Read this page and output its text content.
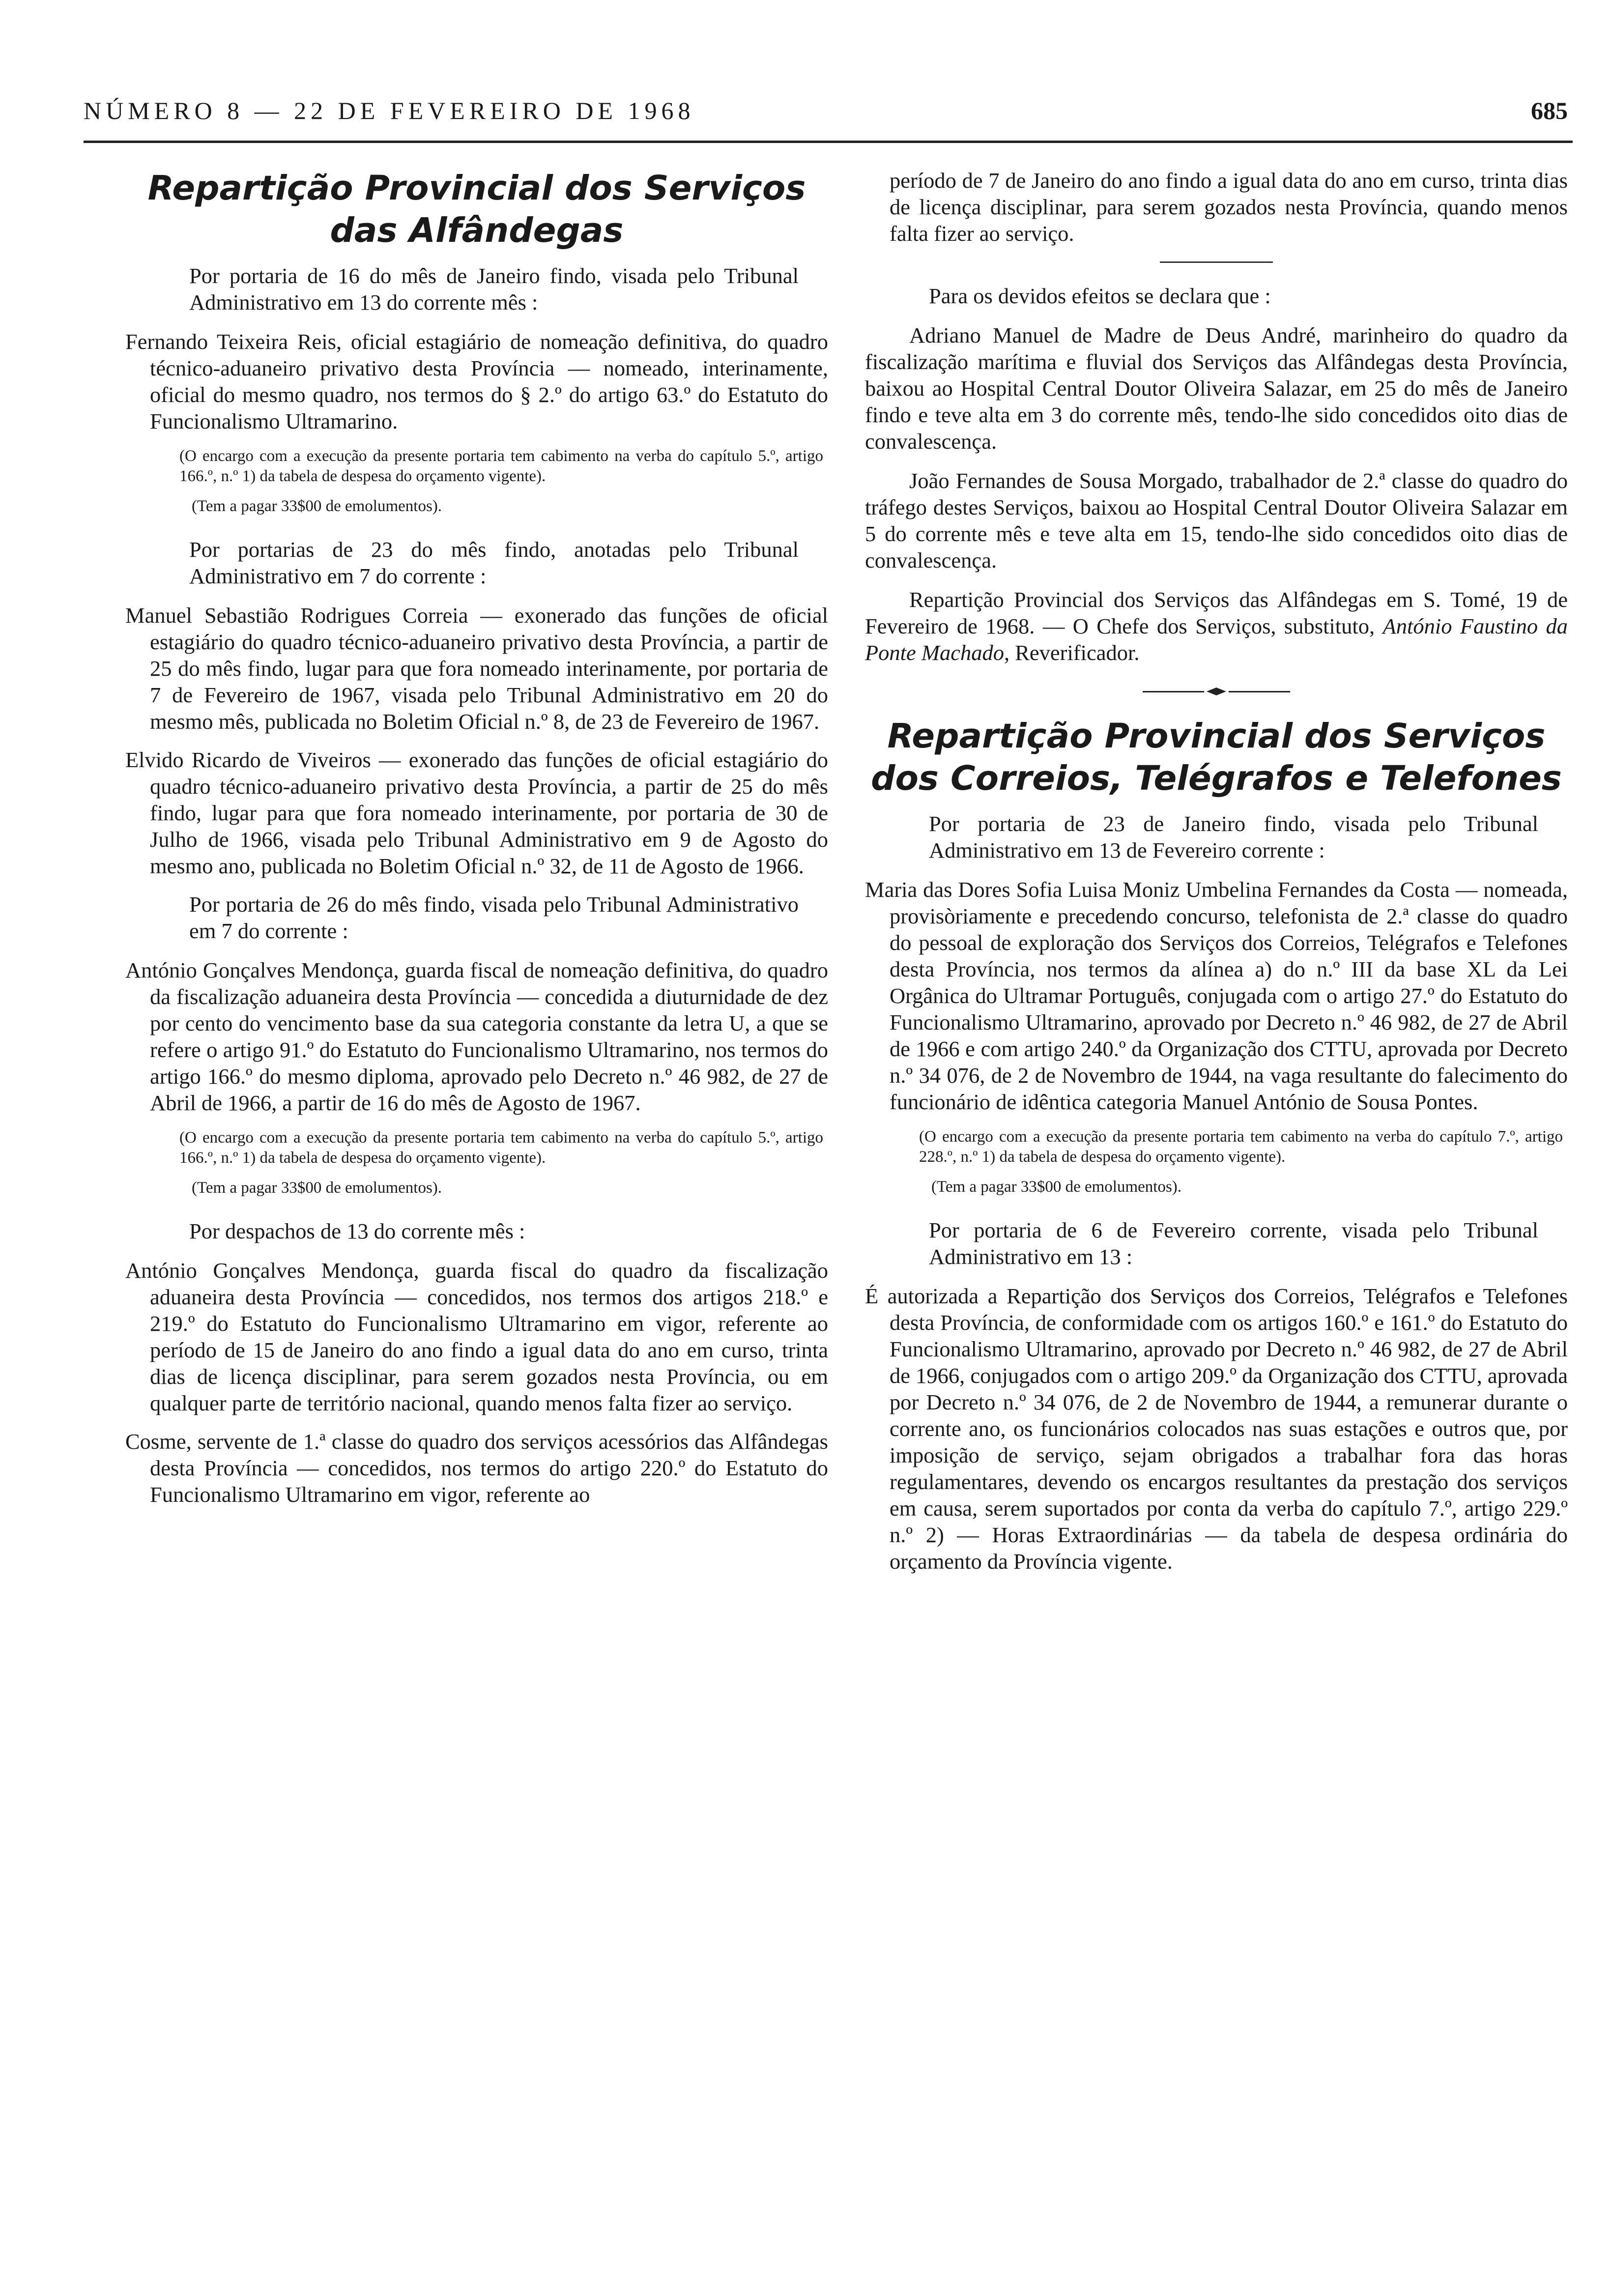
NÚMERO 8 — 22 DE FEVEREIRO DE 1968	685
Repartição Provincial dos Serviços
das Alfândegas

Por portaria de 16 do mês de Janeiro findo, visada pelo Tribunal Administrativo em 13 do corrente mês :

Fernando Teixeira Reis, oficial estagiário de nomeação definitiva, do quadro técnico-aduaneiro privativo desta Província — nomeado, interinamente, oficial do mesmo quadro, nos termos do § 2.º do artigo 63.º do Estatuto do Funcionalismo Ultramarino.

(O encargo com a execução da presente portaria tem cabimento na verba do capítulo 5.º, artigo 166.º, n.º 1) da tabela de despesa do orçamento vigente).

(Tem a pagar 33$00 de emolumentos).

Por portarias de 23 do mês findo, anotadas pelo Tribunal Administrativo em 7 do corrente :

Manuel Sebastião Rodrigues Correia — exonerado das funções de oficial estagiário do quadro técnico-aduaneiro privativo desta Província, a partir de 25 do mês findo, lugar para que fora nomeado interinamente, por portaria de 7 de Fevereiro de 1967, visada pelo Tribunal Administrativo em 20 do mesmo mês, publicada no Boletim Oficial n.º 8, de 23 de Fevereiro de 1967.

Elvido Ricardo de Viveiros — exonerado das funções de oficial estagiário do quadro técnico-aduaneiro privativo desta Província, a partir de 25 do mês findo, lugar para que fora nomeado interinamente, por portaria de 30 de Julho de 1966, visada pelo Tribunal Administrativo em 9 de Agosto do mesmo ano, publicada no Boletim Oficial n.º 32, de 11 de Agosto de 1966.

Por portaria de 26 do mês findo, visada pelo Tribunal Administrativo em 7 do corrente :

António Gonçalves Mendonça, guarda fiscal de nomeação definitiva, do quadro da fiscalização aduaneira desta Província — concedida a diuturnidade de dez por cento do vencimento base da sua categoria constante da letra U, a que se refere o artigo 91.º do Estatuto do Funcionalismo Ultramarino, nos termos do artigo 166.º do mesmo diploma, aprovado pelo Decreto n.º 46 982, de 27 de Abril de 1966, a partir de 16 do mês de Agosto de 1967.

(O encargo com a execução da presente portaria tem cabimento na verba do capítulo 5.º, artigo 166.º, n.º 1) da tabela de despesa do orçamento vigente).

(Tem a pagar 33$00 de emolumentos).

Por despachos de 13 do corrente mês :

António Gonçalves Mendonça, guarda fiscal do quadro da fiscalização aduaneira desta Província — concedidos, nos termos dos artigos 218.º e 219.º do Estatuto do Funcionalismo Ultramarino em vigor, referente ao período de 15 de Janeiro do ano findo a igual data do ano em curso, trinta dias de licença disciplinar, para serem gozados nesta Província, ou em qualquer parte de território nacional, quando menos falta fizer ao serviço.

Cosme, servente de 1.ª classe do quadro dos serviços acessórios das Alfândegas desta Província — concedidos, nos termos do artigo 220.º do Estatuto do Funcionalismo Ultramarino em vigor, referente ao

período de 7 de Janeiro do ano findo a igual data do ano em curso, trinta dias de licença disciplinar, para serem gozados nesta Província, quando menos falta fizer ao serviço.

Para os devidos efeitos se declara que :

Adriano Manuel de Madre de Deus André, marinheiro do quadro da fiscalização marítima e fluvial dos Serviços das Alfândegas desta Província, baixou ao Hospital Central Doutor Oliveira Salazar, em 25 do mês de Janeiro findo e teve alta em 3 do corrente mês, tendo-lhe sido concedidos oito dias de convalescença.

João Fernandes de Sousa Morgado, trabalhador de 2.ª classe do quadro do tráfego destes Serviços, baixou ao Hospital Central Doutor Oliveira Salazar em 5 do corrente mês e teve alta em 15, tendo-lhe sido concedidos oito dias de convalescença.

Repartição Provincial dos Serviços das Alfândegas em S. Tomé, 19 de Fevereiro de 1968. — O Chefe dos Serviços, substituto, António Faustino da Ponte Machado, Reverificador.

Repartição Provincial dos Serviços
dos Correios, Telégrafos e Telefones

Por portaria de 23 de Janeiro findo, visada pelo Tribunal Administrativo em 13 de Fevereiro corrente :

Maria das Dores Sofia Luisa Moniz Umbelina Fernandes da Costa — nomeada, provisòriamente e precedendo concurso, telefonista de 2.ª classe do quadro do pessoal de exploração dos Serviços dos Correios, Telégrafos e Telefones desta Província, nos termos da alínea a) do n.º III da base XL da Lei Orgânica do Ultramar Português, conjugada com o artigo 27.º do Estatuto do Funcionalismo Ultramarino, aprovado por Decreto n.º 46 982, de 27 de Abril de 1966 e com artigo 240.º da Organização dos CTTU, aprovada por Decreto n.º 34 076, de 2 de Novembro de 1944, na vaga resultante do falecimento do funcionário de idêntica categoria Manuel António de Sousa Pontes.

(O encargo com a execução da presente portaria tem cabimento na verba do capítulo 7.º, artigo 228.º, n.º 1) da tabela de despesa do orçamento vigente).

(Tem a pagar 33$00 de emolumentos).

Por portaria de 6 de Fevereiro corrente, visada pelo Tribunal Administrativo em 13 :

É autorizada a Repartição dos Serviços dos Correios, Telégrafos e Telefones desta Província, de conformidade com os artigos 160.º e 161.º do Estatuto do Funcionalismo Ultramarino, aprovado por Decreto n.º 46 982, de 27 de Abril de 1966, conjugados com o artigo 209.º da Organização dos CTTU, aprovada por Decreto n.º 34 076, de 2 de Novembro de 1944, a remunerar durante o corrente ano, os funcionários colocados nas suas estações e outros que, por imposição de serviço, sejam obrigados a trabalhar fora das horas regulamentares, devendo os encargos resultantes da prestação dos serviços em causa, serem suportados por conta da verba do capítulo 7.º, artigo 229.º n.º 2) — Horas Extraordinárias — da tabela de despesa ordinária do orçamento da Província vigente.
